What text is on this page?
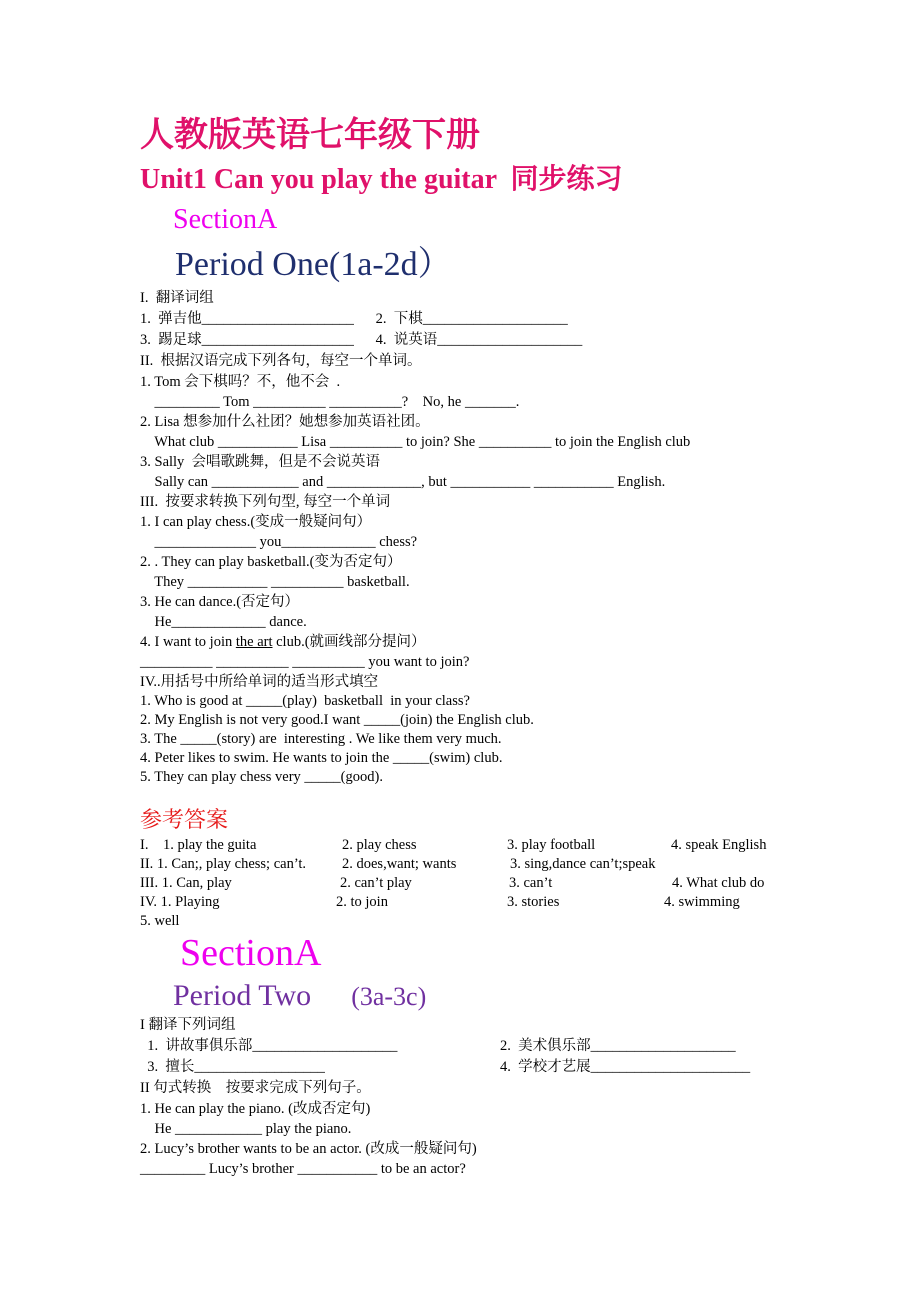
人教版英语七年级下册
Unit1 Can you play the guitar  同步练习
SectionA
Period One(1a-2d）
I.  翻译词组
1.  弹吉他_____________________      2.  下棋____________________
3.  踢足球_____________________      4.  说英语____________________
II.  根据汉语完成下列各句，每空一个单词。
1. Tom 会下棋吗？不，他不会  .
_________ Tom __________ __________?    No, he _______.
2. Lisa 想参加什么社团？她想参加英语社团。
What club ___________ Lisa __________ to join? She __________ to join the English club
3. Sally  会唱歌跳舞，但是不会说英语
Sally can ____________ and _____________, but ___________ ___________ English.
III.  按要求转换下列句型, 每空一个单词
1. I can play chess.(变成一般疑问句）
______________ you_____________ chess?
2. . They can play basketball.(变为否定句）
They ___________ __________ basketball.
3. He can dance.(否定句）
He_____________ dance.
4. I want to join the art club.(就画线部分提问）
__________ __________ __________ you want to join?
IV..用括号中所给单词的适当形式填空
1. Who is good at _____(play)  basketball  in your class?
2. My English is not very good.I want _____(join) the English club.
3. The _____(story) are  interesting . We like them very much.
4. Peter likes to swim. He wants to join the _____(swim) club.
5. They can play chess very _____(good).
参考答案
I.    1. play the guita	2. play chess	3. play football	4. speak English
II. 1. Can;, play chess; can’t. 2. does,want; wants	3. sing,dance can’t;speak
III. 1. Can, play	2. can’t play	3. can’t	4. What club do
IV. 1. Playing	2. to join	3. stories	4. swimming
5. well
SectionA
Period Two (3a-3c)
I 翻译下列词组
1.  讲故事俱乐部____________________	2.  美术俱乐部____________________
3.  擅长__________________	4.  学校才艺展______________________
II 句式转换    按要求完成下列句子。
1. He can play the piano. (改成否定句)
He ____________ play the piano.
2. Lucy’s brother wants to be an actor. (改成一般疑问句)
_________ Lucy’s brother ___________ to be an actor?
